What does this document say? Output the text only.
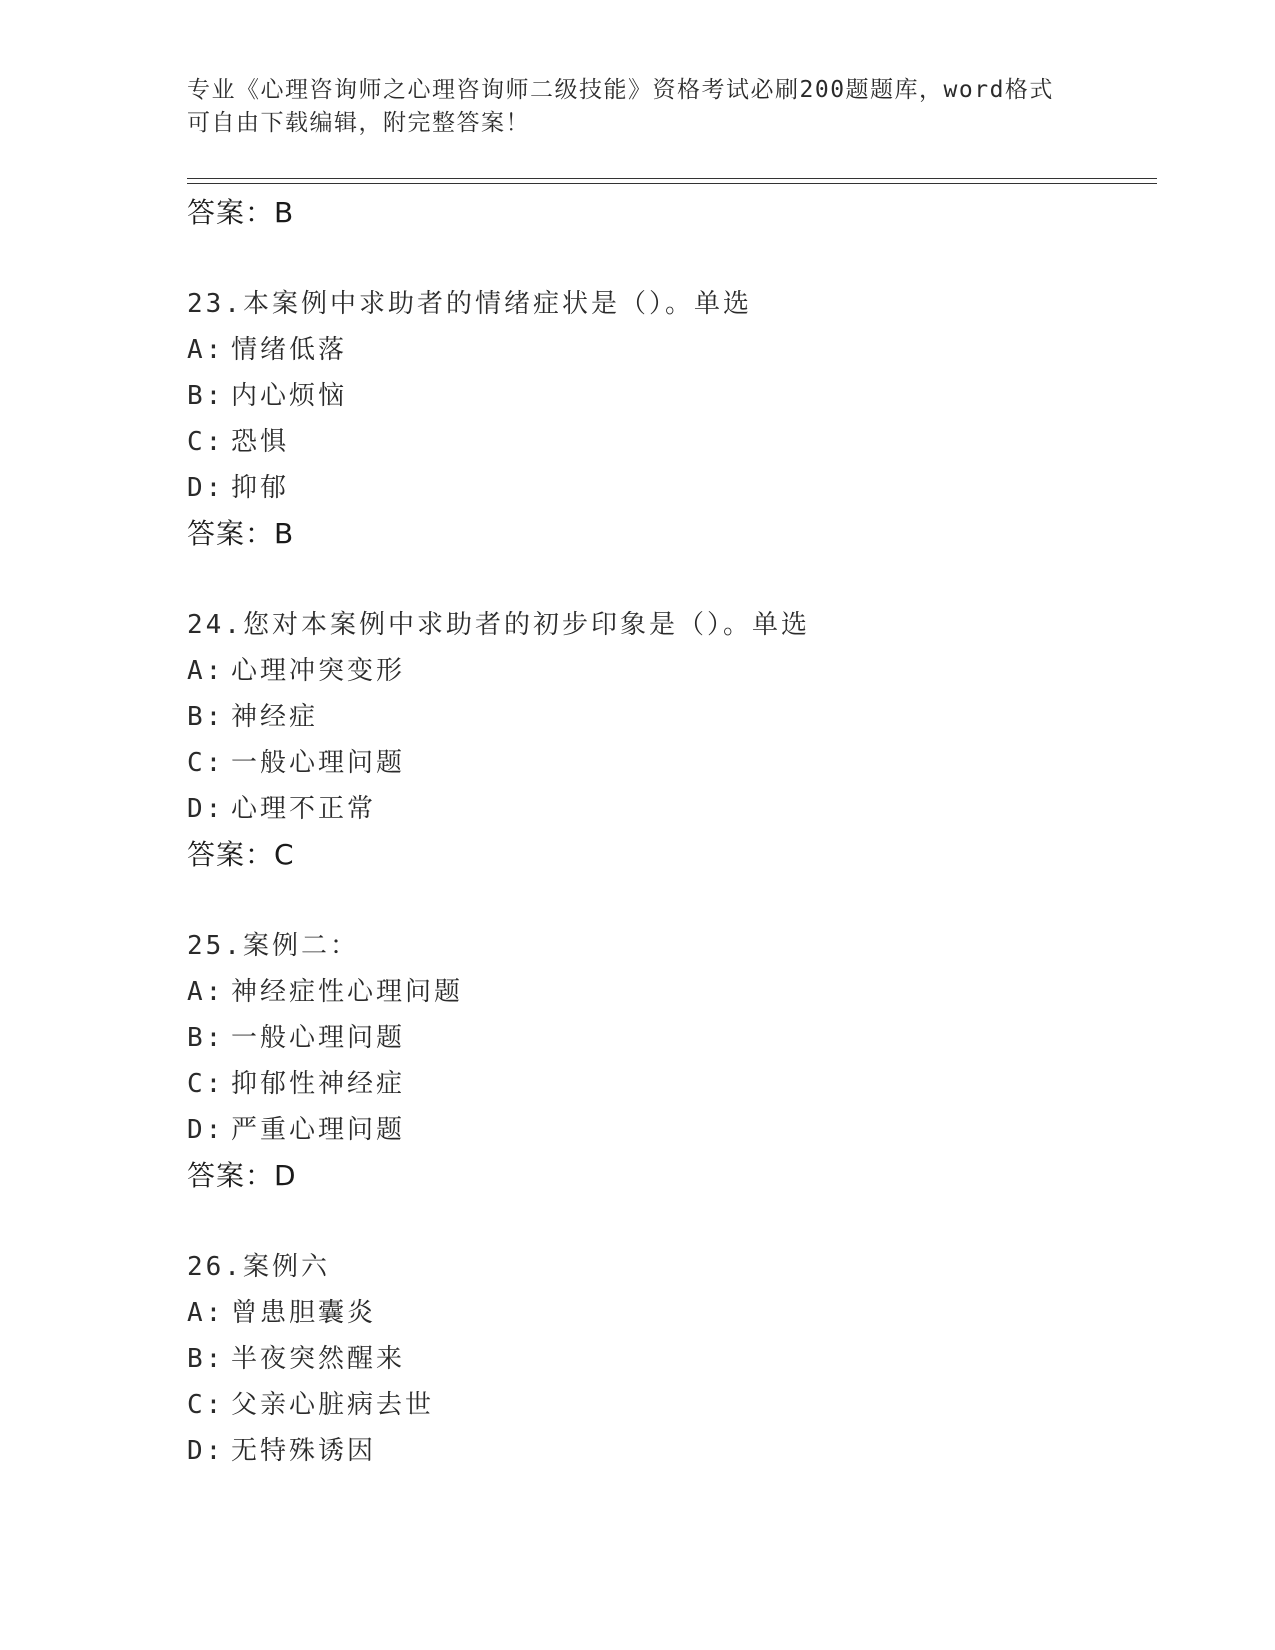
专业《心理咨询师之心理咨询师二级技能》资格考试必刷200题题库，word格式
可自由下载编辑，附完整答案！
答案：B
23.本案例中求助者的情绪症状是（）。单选
A: 情绪低落
B: 内心烦恼
C: 恐惧
D: 抑郁
答案：B
24.您对本案例中求助者的初步印象是（）。单选
A: 心理冲突变形
B: 神经症
C: 一般心理问题
D: 心理不正常
答案：C
25.案例二：
A: 神经症性心理问题
B: 一般心理问题
C: 抑郁性神经症
D: 严重心理问题
答案：D
26.案例六
A: 曾患胆囊炎
B: 半夜突然醒来
C: 父亲心脏病去世
D: 无特殊诱因
